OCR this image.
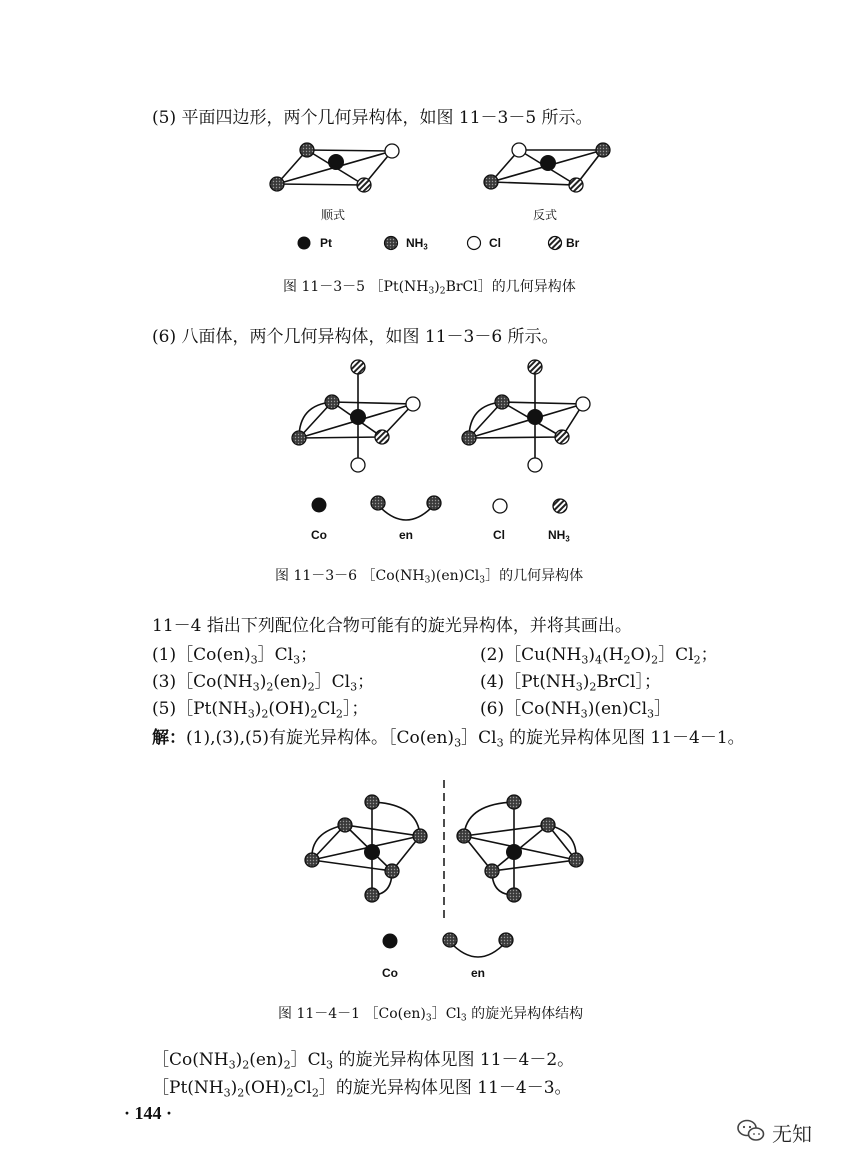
(5) 平面四边形，两个几何异构体，如图 11－3－5 所示。
顺式	反式
Pt	$NH_3$	Cl	Br
图 11－3－5 $[Pt(NH_3)_2BrCl]$的几何异构体
(6) 八面体，两个几何异构体，如图 11－3－6 所示。
Co	en	Cl	$NH_3$
图 11－3－6 $[Co(NH_3)(en)Cl_3]$的几何异构体
11－4 指出下列配位化合物可能有的旋光异构体，并将其画出。
$(1)[Co(en)_3]Cl_3$；	$(2)[Cu(NH_3)_4(H_2O)_2]Cl_2$；
$(3)[Co(NH_3)_2(en)_2]Cl_3$；	$(4)[Pt(NH_3)_2BrCl]$；
$(5)[Pt(NH_3)_2(OH)_2Cl_2]$；	$(6)[Co(NH_3)(en)Cl_3]$
解：(1),(3),(5)有旋光异构体。$[Co(en)_3]Cl_3$ 的旋光异构体见图 11－4－1。
Co	en
图 11－4－1 $[Co(en)_3]Cl_3$ 的旋光异构体结构
$[Co(NH_3)_2(en)_2]Cl_3$ 的旋光异构体见图 11－4－2。
$[Pt(NH_3)_2(OH)_2Cl_2]$的旋光异构体见图 11－4－3。
· 144 ·
无知
